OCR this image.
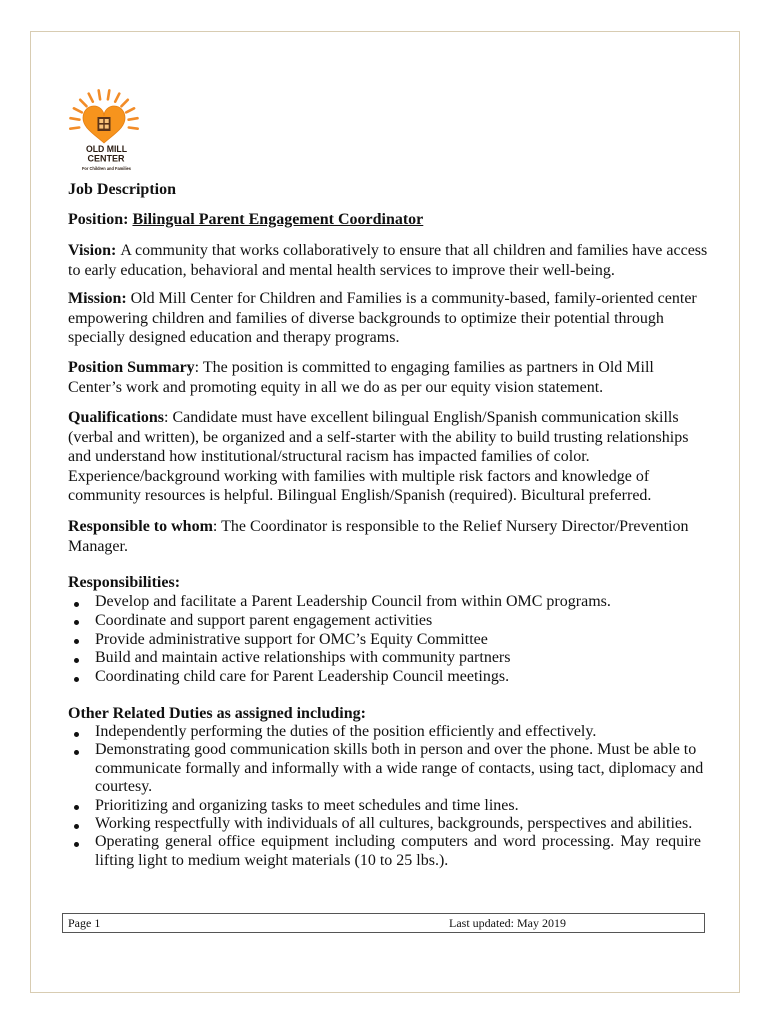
OLD MILL
CENTER
For Children and Families
Job Description
Position: Bilingual Parent Engagement Coordinator
Vision: A community that works collaboratively to ensure that all children and families have access
to early education, behavioral and mental health services to improve their well-being.
Mission: Old Mill Center for Children and Families is a community-based, family-oriented center
empowering children and families of diverse backgrounds to optimize their potential through
specially designed education and therapy programs.
Position Summary: The position is committed to engaging families as partners in Old Mill
Center’s work and promoting equity in all we do as per our equity vision statement.
Qualifications: Candidate must have excellent bilingual English/Spanish communication skills
(verbal and written), be organized and a self-starter with the ability to build trusting relationships
and understand how institutional/structural racism has impacted families of color.
Experience/background working with families with multiple risk factors and knowledge of
community resources is helpful. Bilingual English/Spanish (required). Bicultural preferred.
Responsible to whom: The Coordinator is responsible to the Relief Nursery Director/Prevention
Manager.
Responsibilities:
Develop and facilitate a Parent Leadership Council from within OMC programs.
Coordinate and support parent engagement activities
Provide administrative support for OMC’s Equity Committee
Build and maintain active relationships with community partners
Coordinating child care for Parent Leadership Council meetings.
Other Related Duties as assigned including:
Independently performing the duties of the position efficiently and effectively.
Demonstrating good communication skills both in person and over the phone. Must be able to
communicate formally and informally with a wide range of contacts, using tact, diplomacy and
courtesy.
Prioritizing and organizing tasks to meet schedules and time lines.
Working respectfully with individuals of all cultures, backgrounds, perspectives and abilities.
Operating general office equipment including computers and word processing. May require
lifting light to medium weight materials (10 to 25 lbs.).
Page 1	Last updated: May 2019
